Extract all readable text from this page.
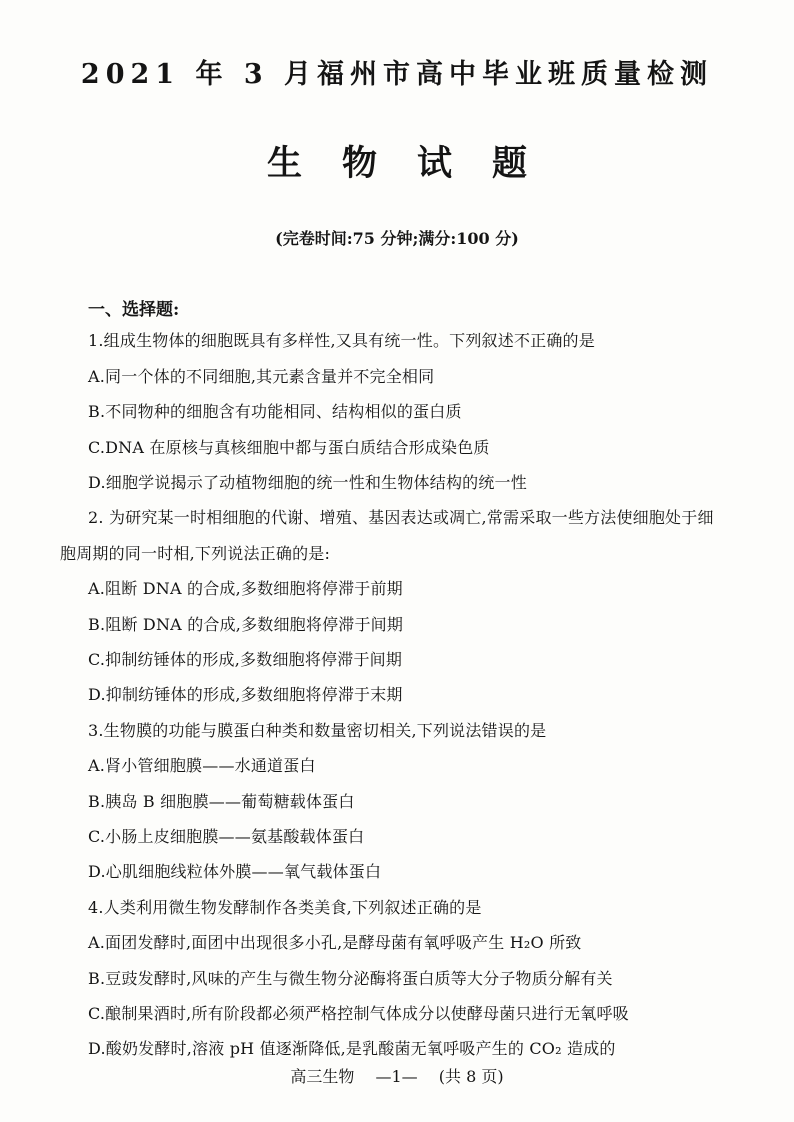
2021 年 3 月福州市高中毕业班质量检测
生物试题
(完卷时间:75 分钟;满分:100 分)
一、选择题:
1.组成生物体的细胞既具有多样性,又具有统一性。下列叙述不正确的是
A.同一个体的不同细胞,其元素含量并不完全相同
B.不同物种的细胞含有功能相同、结构相似的蛋白质
C.DNA 在原核与真核细胞中都与蛋白质结合形成染色质
D.细胞学说揭示了动植物细胞的统一性和生物体结构的统一性
2. 为研究某一时相细胞的代谢、增殖、基因表达或凋亡,常需采取一些方法使细胞处于细
胞周期的同一时相,下列说法正确的是:
A.阻断 DNA 的合成,多数细胞将停滞于前期
B.阻断 DNA 的合成,多数细胞将停滞于间期
C.抑制纺锤体的形成,多数细胞将停滞于间期
D.抑制纺锤体的形成,多数细胞将停滞于末期
3.生物膜的功能与膜蛋白种类和数量密切相关,下列说法错误的是
A.肾小管细胞膜——水通道蛋白
B.胰岛 B 细胞膜——葡萄糖载体蛋白
C.小肠上皮细胞膜——氨基酸载体蛋白
D.心肌细胞线粒体外膜——氧气载体蛋白
4.人类利用微生物发酵制作各类美食,下列叙述正确的是
A.面团发酵时,面团中出现很多小孔,是酵母菌有氧呼吸产生 H₂O 所致
B.豆豉发酵时,风味的产生与微生物分泌酶将蛋白质等大分子物质分解有关
C.酿制果酒时,所有阶段都必须严格控制气体成分以使酵母菌只进行无氧呼吸
D.酸奶发酵时,溶液 pH 值逐渐降低,是乳酸菌无氧呼吸产生的 CO₂ 造成的
高三生物 —1— (共 8 页)
